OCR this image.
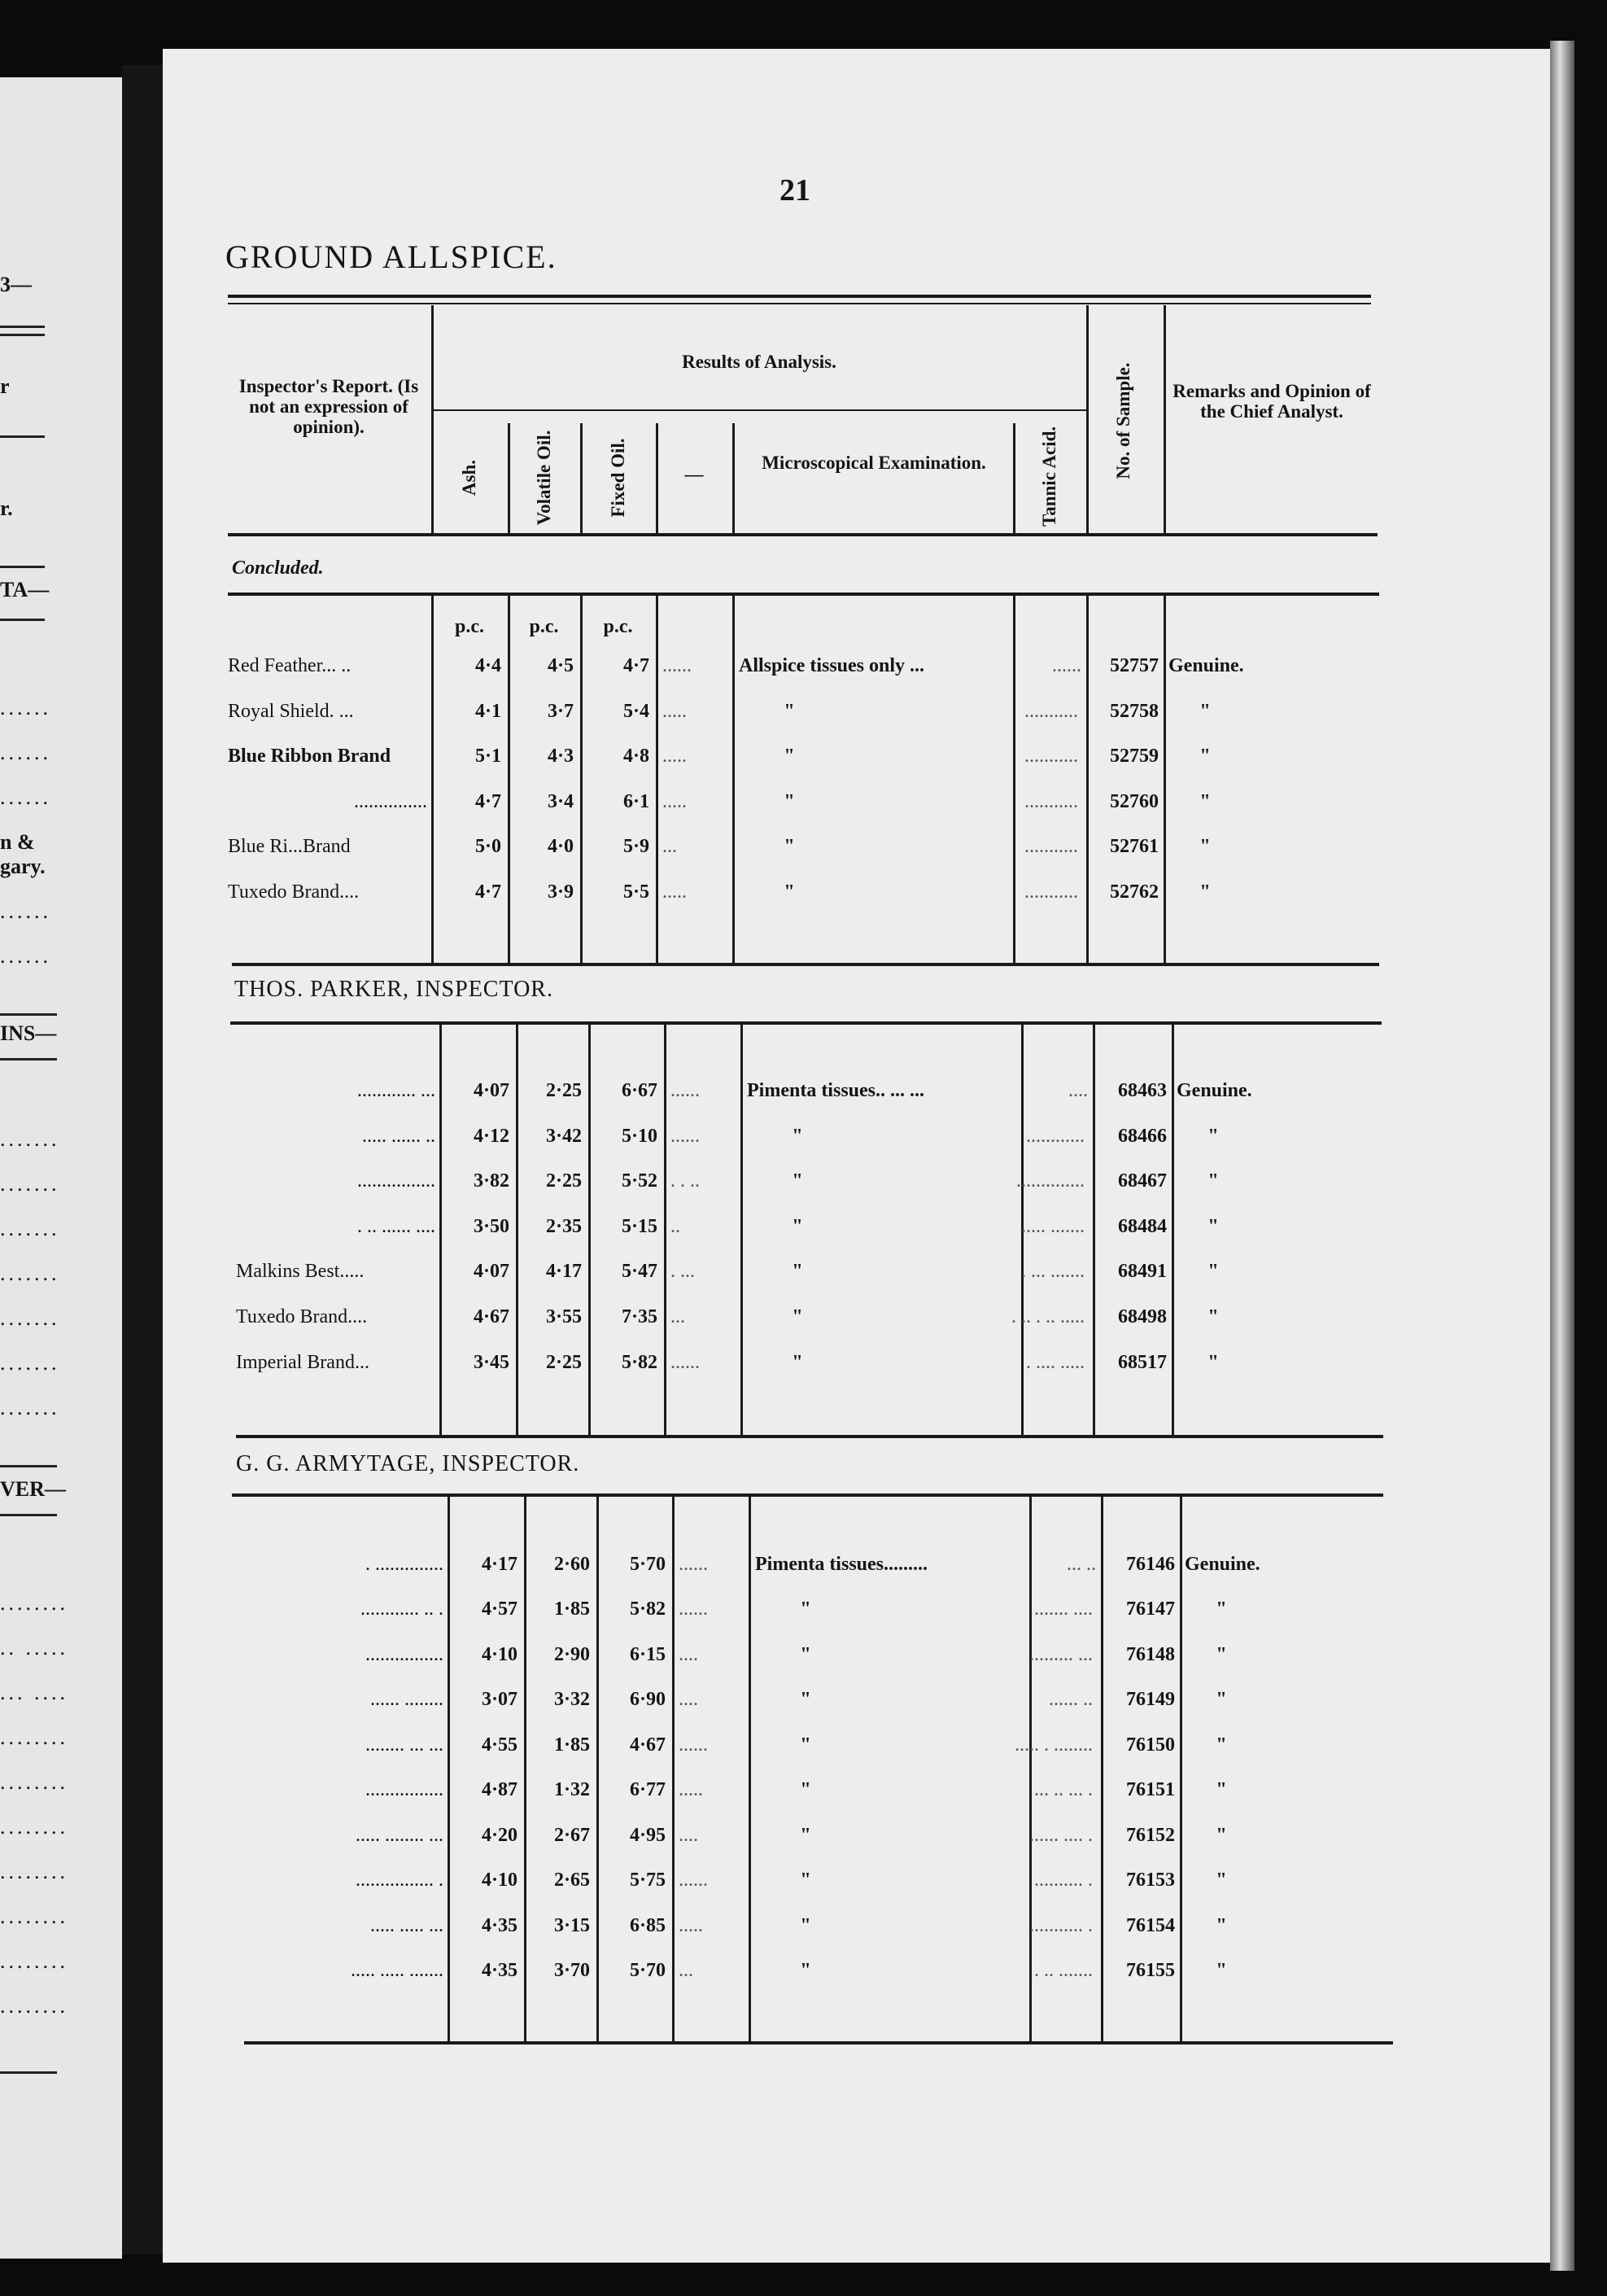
3—
r
r.
TA—
......
......
......
n &
gary.
......
......
INS—
.......
.......
.......
.......
.......
.......
.......
VER—
........
.. .....
... ....
........
........
........
........
........
........
........
21
GROUND ALLSPICE.
Inspector's Report. (Is not an expression of opinion).
Results of Analysis.
Ash.	Volatile Oil.	Fixed Oil.	—
Microscopical Examination.	Tannic Acid.	No. of Sample.	Remarks and Opinion of the Chief Analyst.
Concluded.
p.c.	p.c.	p.c.
Red Feather... ..	4·4	4·5	4·7 ......	Allspice tissues only ...	......	52757 Genuine.
Royal Shield. ...	4·1	3·7	5·4 .....	"	...........	52758	"
Blue Ribbon Brand	5·1	4·3	4·8 .....	"	...........	52759	"
...............	4·7	3·4	6·1 .....	"	...........	52760	"
Blue Ri...Brand	5·0	4·0	5·9 ...	"	...........	52761	"
Tuxedo Brand....	4·7	3·9	5·5 .....	"	...........	52762	"
THOS. PARKER, INSPECTOR.
............ ...	4·07	2·25	6·67 ......	Pimenta tissues.. ... ...	....	68463 Genuine.
..... ...... ..	4·12	3·42	5·10 ......	"	............	68466	"
................	3·82	2·25	5·52 . . ..	"	..............	68467	"
. .. ...... ....	3·50	2·35	5·15 ..	"	..... .......	68484	"
Malkins Best.....	4·07	4·17	5·47 . ...	"	. ... .......	68491	"
Tuxedo Brand....	4·67	3·55	7·35 ...	"	. .. . .. .....	68498	"
Imperial Brand...	3·45	2·25	5·82 ......	"	. .... .....	68517	"
G. G. ARMYTAGE, INSPECTOR.
. ..............	4·17	2·60	5·70 ......	Pimenta tissues.........	... ..	76146 Genuine.
............ .. .	4·57	1·85	5·82 ......	"	....... ....	76147	"
................	4·10	2·90	6·15 ....	"	......... ...	76148	"
...... ........	3·07	3·32	6·90 ....	"	...... ..	76149	"
........ ... ...	4·55	1·85	4·67 ......	"	..... . ........	76150	"
................	4·87	1·32	6·77 .....	"	... .. ... .	76151	"
..... ........ ...	4·20	2·67	4·95 ....	"	...... .... .	76152	"
................ .	4·10	2·65	5·75 ......	"	.......... .	76153	"
..... ..... ...	4·35	3·15	6·85 .....	"	........... .	76154	"
..... ..... .......	4·35	3·70	5·70 ...	"	. .. .......	76155	"
